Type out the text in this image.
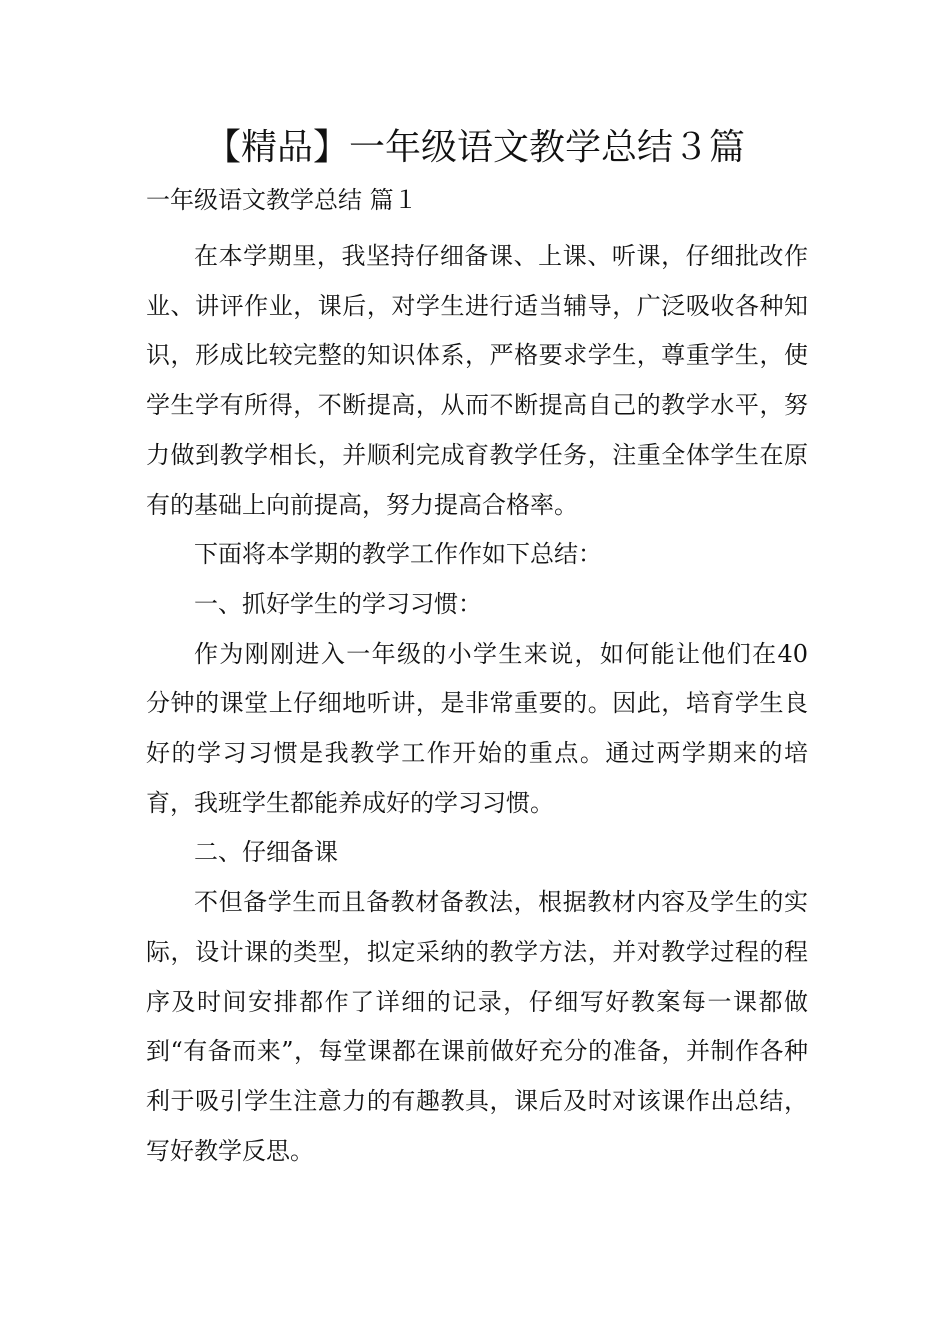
【精品】一年级语文教学总结３篇
一年级语文教学总结 篇１

在本学期里，我坚持仔细备课、上课、听课，仔细批改作业、讲评作业，课后，对学生进行适当辅导，广泛吸收各种知识，形成比较完整的知识体系，严格要求学生，尊重学生，使学生学有所得，不断提高，从而不断提高自己的教学水平，努力做到教学相长，并顺利完成育教学任务，注重全体学生在原有的基础上向前提高，努力提高合格率。

下面将本学期的教学工作作如下总结：

一、抓好学生的学习习惯：

作为刚刚进入一年级的小学生来说，如何能让他们在40 分钟的课堂上仔细地听讲，是非常重要的。因此，培育学生良好的学习习惯是我教学工作开始的重点。通过两学期来的培育，我班学生都能养成好的学习习惯。

二、仔细备课

不但备学生而且备教材备教法，根据教材内容及学生的实际，设计课的类型，拟定采纳的教学方法，并对教学过程的程序及时间安排都作了详细的记录，仔细写好教案每一课都做到“有备而来”，每堂课都在课前做好充分的准备，并制作各种利于吸引学生注意力的有趣教具，课后及时对该课作出总结，写好教学反思。
